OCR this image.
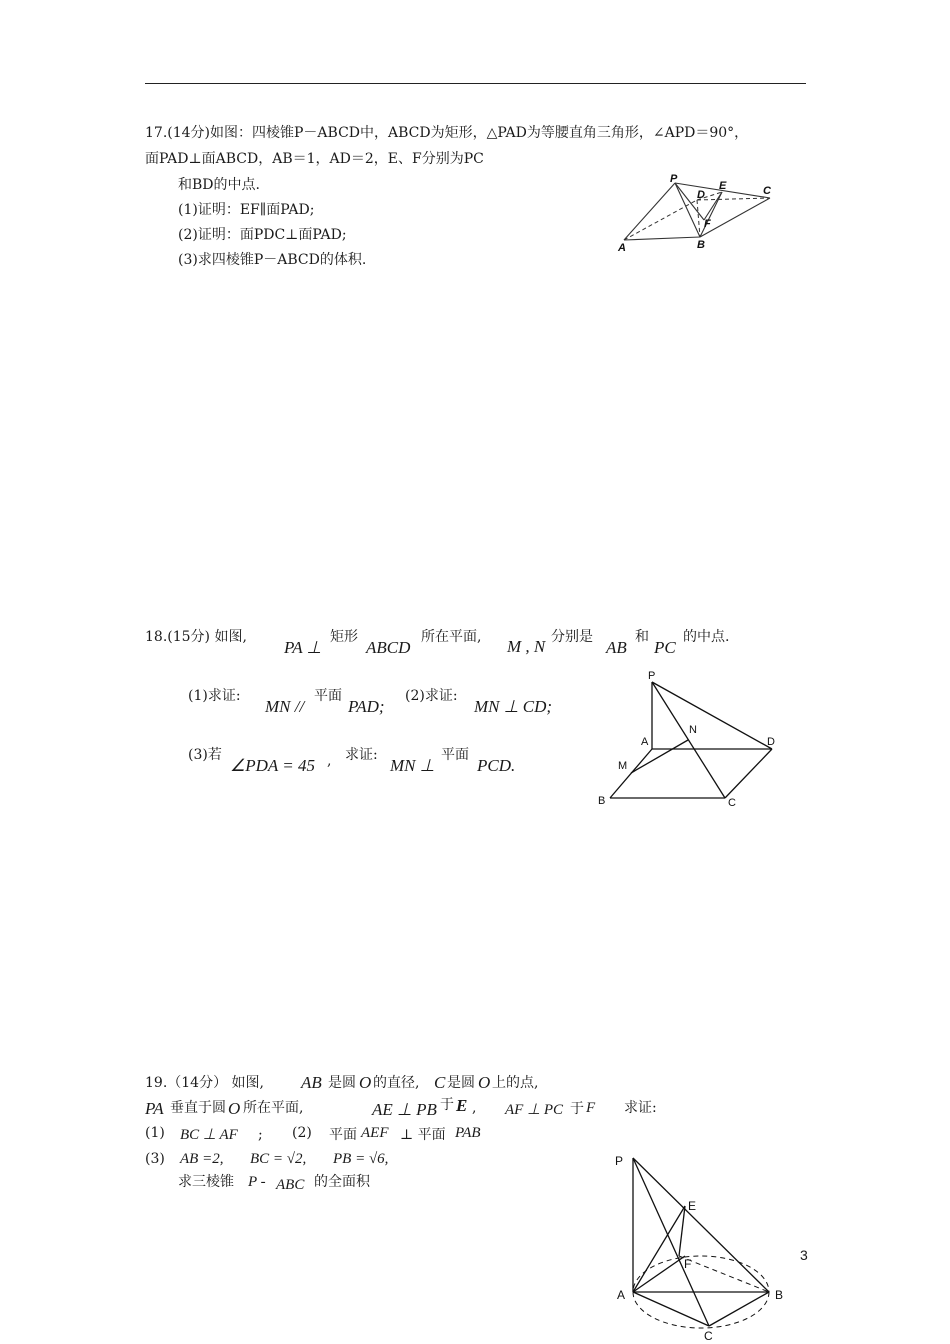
17.(14分)如图：四棱锥P－ABCD中，ABCD为矩形，△PAD为等腰直角三角形，∠APD＝90°，
面PAD⊥面ABCD，AB＝1，AD＝2，E、F分别为PC
和BD的中点.
(1)证明：EF∥面PAD;
(2)证明：面PDC⊥面PAD;
(3)求四棱锥P－ABCD的体积.
P
D
E	C
F
A	B
18.(15分) 如图,
PA ⊥
矩形
ABCD
所在平面, M , N 分别是
AB
和
PC
的中点.
(1)求证:
MN //
平面
PAD;
(2)求证:
MN ⊥ CD;
(3)若
∠PDA = 45 , 求证:
MN ⊥
平面
PCD.
P
A
N
D
M
B	C
19.（14分） 如图, AB 是圆 O 的直径, C 是圆 O 上的点,
PA 垂直于圆 O 所在平面,	AE ⊥ PB 于 E , AF ⊥ PC 于 F 求证:
(1) BC ⊥ AF ; (2) 平面 AEF ⊥ 平面 PAB
(3) AB =2, BC = √2, PB = √6,
求三棱锥 P - ABC 的全面积
P
E
F
A	B
C
3
